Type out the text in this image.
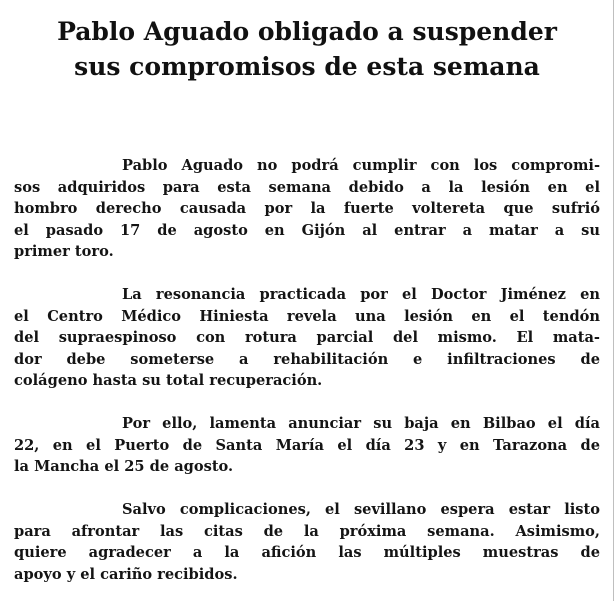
Pablo Aguado obligado a suspender
sus compromisos de esta semana

Pablo Aguado no podrá cumplir con los compromi-
sos adquiridos para esta semana debido a la lesión en el
hombro derecho causada por la fuerte voltereta que sufrió
el pasado 17 de agosto en Gijón al entrar a matar a su
primer toro.

La resonancia practicada por el Doctor Jiménez en
el Centro Médico Hiniesta revela una lesión en el tendón
del supraespinoso con rotura parcial del mismo. El mata-
dor debe someterse a rehabilitación e infiltraciones de
colágeno hasta su total recuperación.

Por ello, lamenta anunciar su baja en Bilbao el día
22, en el Puerto de Santa María el día 23 y en Tarazona de
la Mancha el 25 de agosto.

Salvo complicaciones, el sevillano espera estar listo
para afrontar las citas de la próxima semana. Asimismo,
quiere agradecer a la afición las múltiples muestras de
apoyo y el cariño recibidos.
